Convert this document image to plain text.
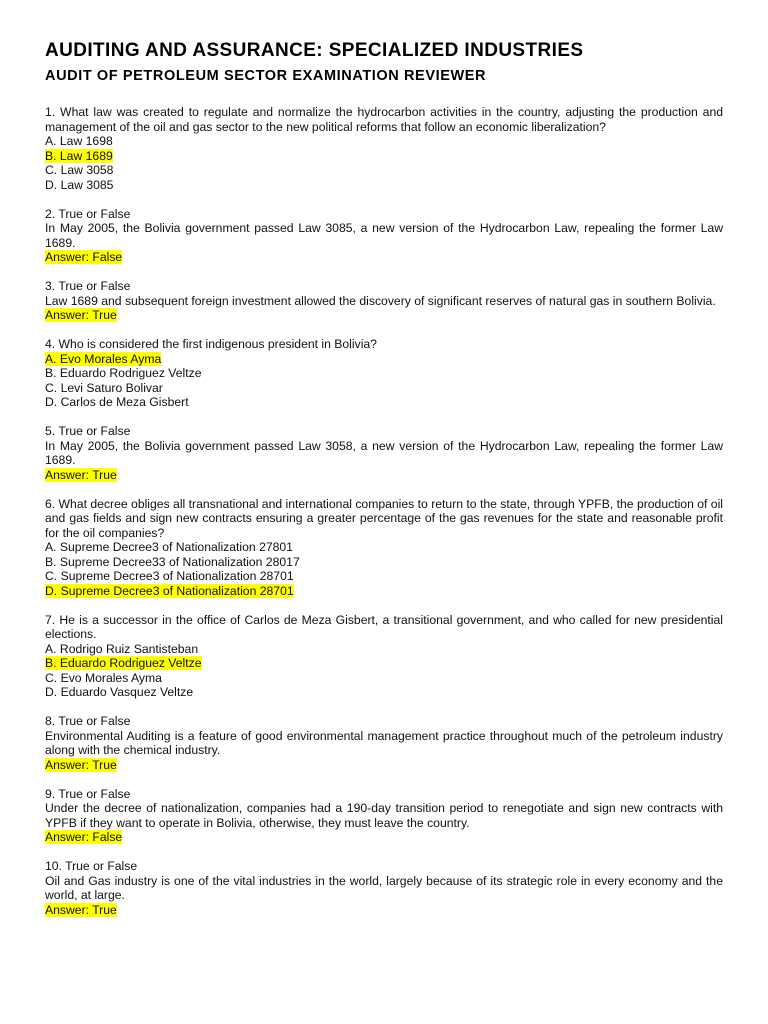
AUDITING AND ASSURANCE: SPECIALIZED INDUSTRIES
AUDIT OF PETROLEUM SECTOR EXAMINATION REVIEWER
1. What law was created to regulate and normalize the hydrocarbon activities in the country, adjusting the production and management of the oil and gas sector to the new political reforms that follow an economic liberalization?
A. Law 1698
B. Law 1689
C. Law 3058
D. Law 3085
2. True or False
In May 2005, the Bolivia government passed Law 3085, a new version of the Hydrocarbon Law, repealing the former Law 1689.
Answer: False
3. True or False
Law 1689 and subsequent foreign investment allowed the discovery of significant reserves of natural gas in southern Bolivia.
Answer: True
4. Who is considered the first indigenous president in Bolivia?
A. Evo Morales Ayma
B. Eduardo Rodriguez Veltze
C. Levi Saturo Bolivar
D. Carlos de Meza Gisbert
5. True or False
In May 2005, the Bolivia government passed Law 3058, a new version of the Hydrocarbon Law, repealing the former Law 1689.
Answer: True
6. What decree obliges all transnational and international companies to return to the state, through YPFB, the production of oil and gas fields and sign new contracts ensuring a greater percentage of the gas revenues for the state and reasonable profit for the oil companies?
A. Supreme Decree3 of Nationalization 27801
B. Supreme Decree33 of Nationalization 28017
C. Supreme Decree3 of Nationalization 28701
D. Supreme Decree3 of Nationalization 28701
7. He is a successor in the office of Carlos de Meza Gisbert, a transitional government, and who called for new presidential elections.
A. Rodrigo Ruiz Santisteban
B. Eduardo Rodriguez Veltze
C. Evo Morales Ayma
D. Eduardo Vasquez Veltze
8. True or False
Environmental Auditing is a feature of good environmental management practice throughout much of the petroleum industry along with the chemical industry.
Answer: True
9. True or False
Under the decree of nationalization, companies had a 190-day transition period to renegotiate and sign new contracts with YPFB if they want to operate in Bolivia, otherwise, they must leave the country.
Answer: False
10. True or False
Oil and Gas industry is one of the vital industries in the world, largely because of its strategic role in every economy and the world, at large.
Answer: True
